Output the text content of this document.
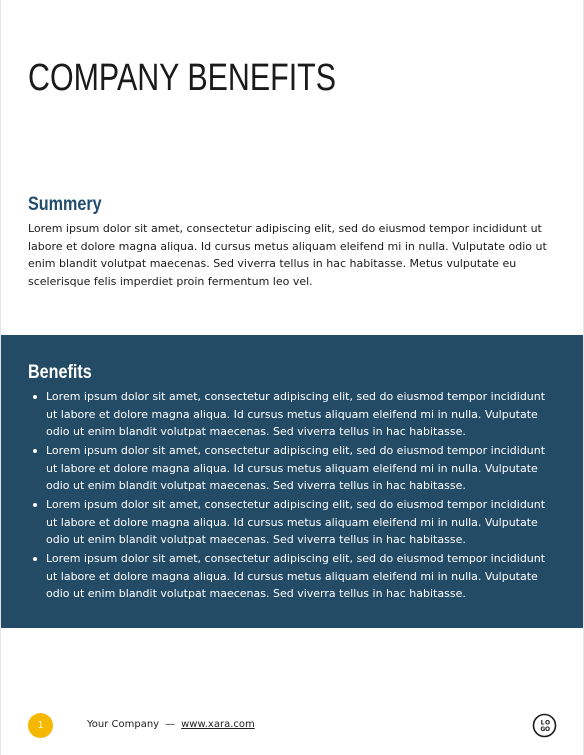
COMPANY BENEFITS
Summery

Lorem ipsum dolor sit amet, consectetur adipiscing elit, sed do eiusmod tempor incididunt ut labore et dolore magna aliqua. Id cursus metus aliquam eleifend mi in nulla. Vulputate odio ut enim blandit volutpat maecenas. Sed viverra tellus in hac habitasse. Metus vulputate eu scelerisque felis imperdiet proin fermentum leo vel.

Benefits
Lorem ipsum dolor sit amet, consectetur adipiscing elit, sed do eiusmod tempor incididunt ut labore et dolore magna aliqua. Id cursus metus aliquam eleifend mi in nulla. Vulputate odio ut enim blandit volutpat maecenas. Sed viverra tellus in hac habitasse.
Lorem ipsum dolor sit amet, consectetur adipiscing elit, sed do eiusmod tempor incididunt ut labore et dolore magna aliqua. Id cursus metus aliquam eleifend mi in nulla. Vulputate odio ut enim blandit volutpat maecenas. Sed viverra tellus in hac habitasse.
Lorem ipsum dolor sit amet, consectetur adipiscing elit, sed do eiusmod tempor incididunt ut labore et dolore magna aliqua. Id cursus metus aliquam eleifend mi in nulla. Vulputate odio ut enim blandit volutpat maecenas. Sed viverra tellus in hac habitasse.
Lorem ipsum dolor sit amet, consectetur adipiscing elit, sed do eiusmod tempor incididunt ut labore et dolore magna aliqua. Id cursus metus aliquam eleifend mi in nulla. Vulputate odio ut enim blandit volutpat maecenas. Sed viverra tellus in hac habitasse.
1	Your Company — www.xara.com	L O
G O
